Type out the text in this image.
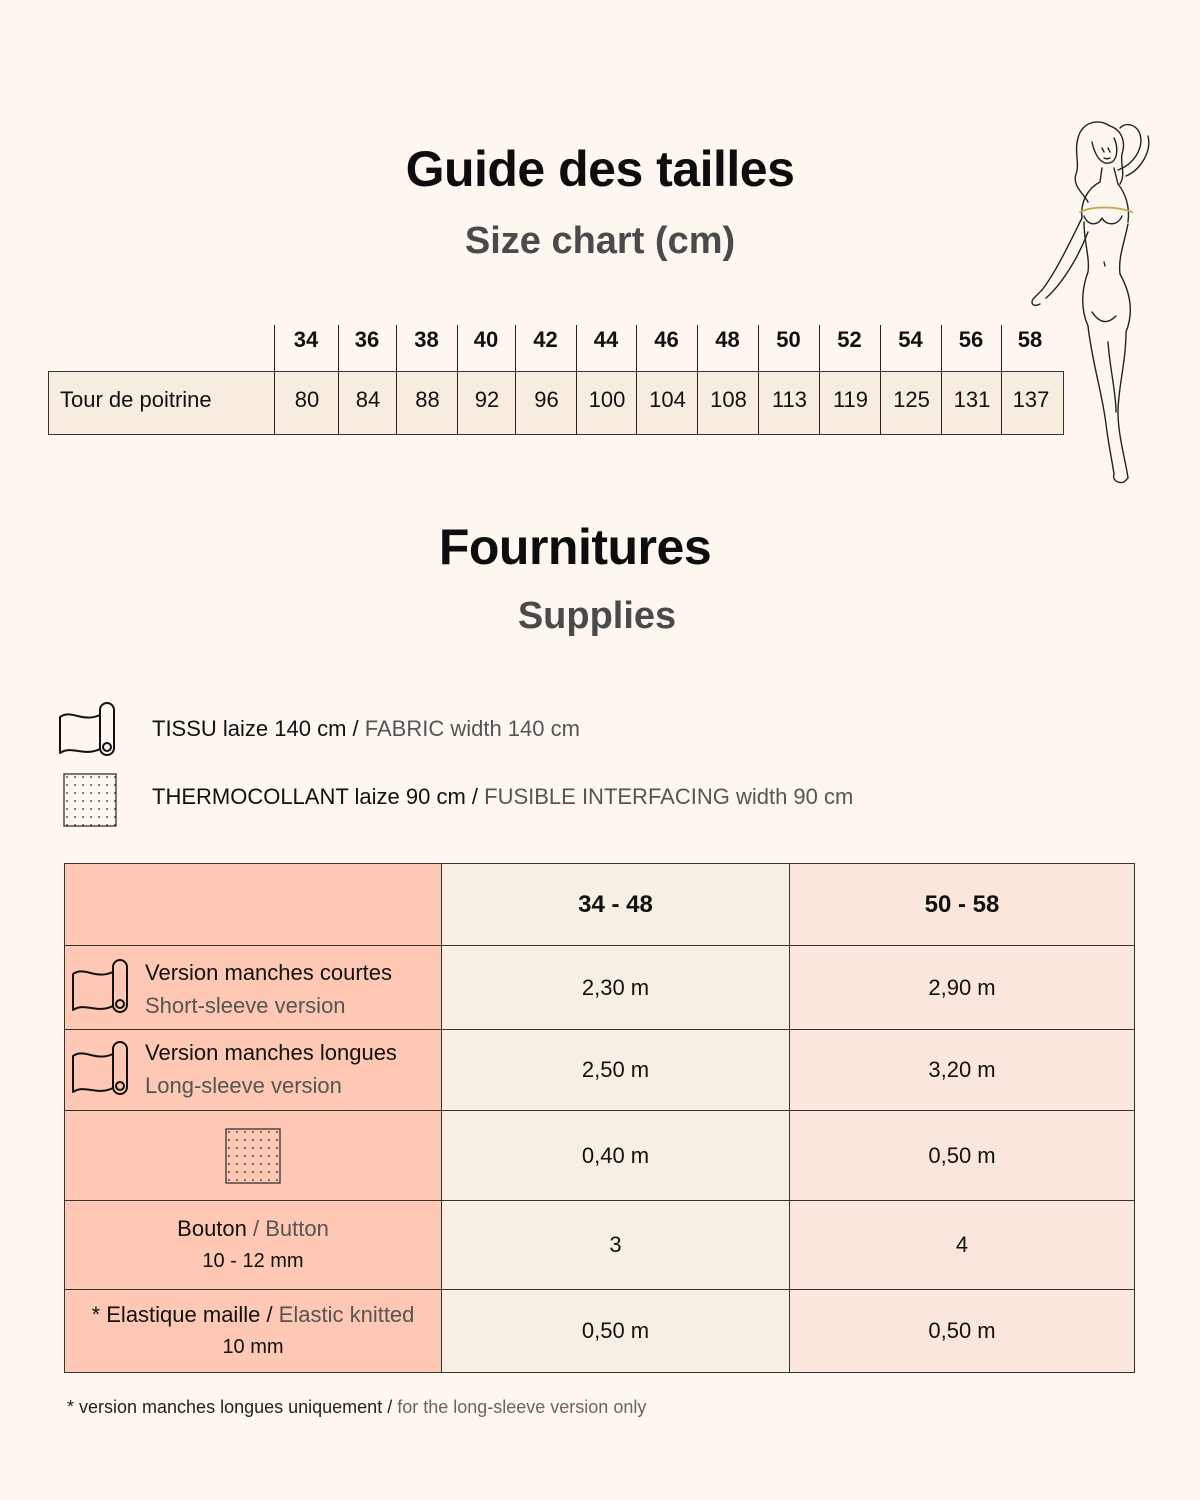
Guide des tailles
Size chart (cm)
34	36	38	40	42	44	46	48	50	52	54	56	58
Tour de poitrine	80	84	88	92	96	100	104	108	113	119	125	131	137
Fournitures
Supplies
TISSU laize 140 cm / FABRIC width 140 cm
THERMOCOLLANT laize 90 cm / FUSIBLE INTERFACING width 90 cm
	34 - 48	50 - 58

Version manches courtes
Short-sleeve version	2,30 m	2,90 m

Version manches longues
Long-sleeve version	2,50 m	3,20 m
	0,40 m	0,50 m

Bouton / Button
10 - 12 mm	3	4

* Elastique maille / Elastic knitted
10 mm	0,50 m	0,50 m
* version manches longues uniquement / for the long-sleeve version only
